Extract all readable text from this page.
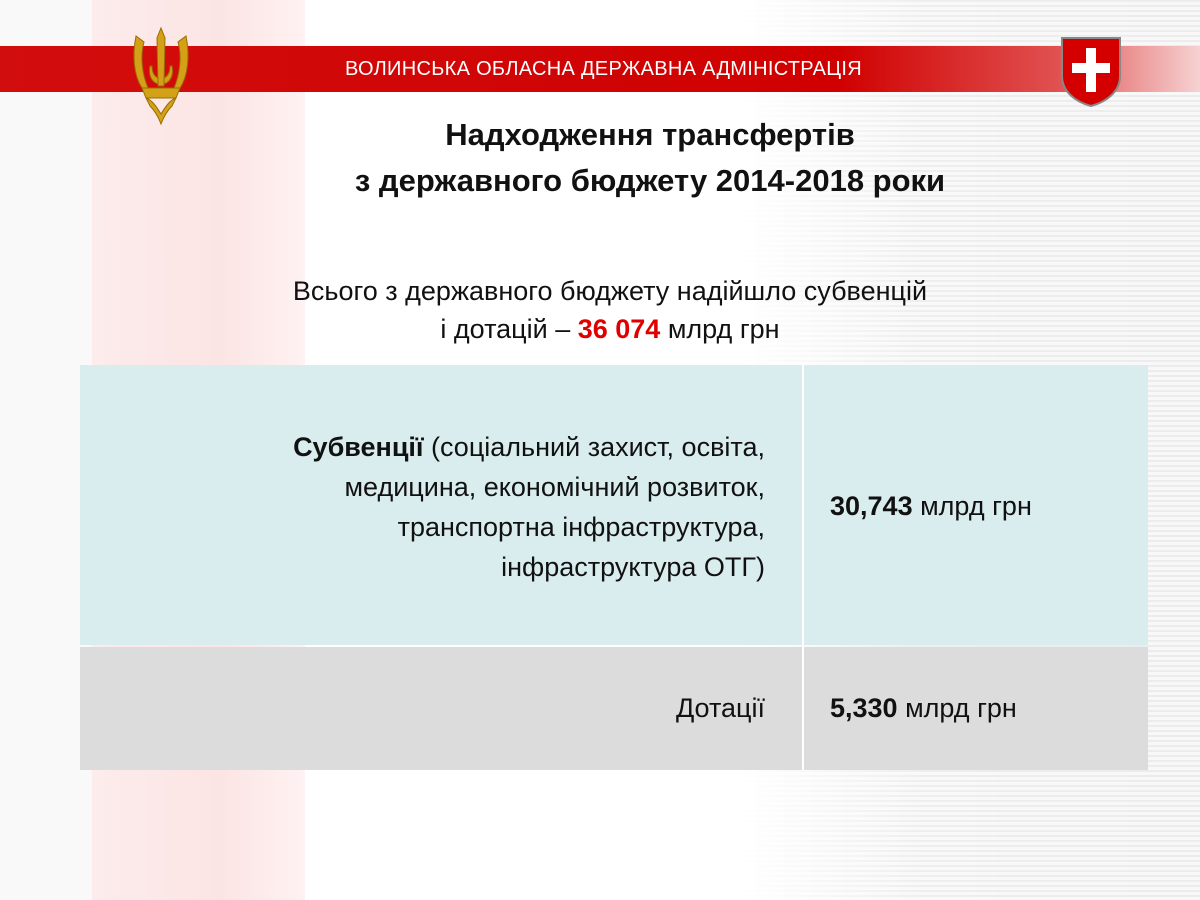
ВОЛИНСЬКА ОБЛАСНА ДЕРЖАВНА АДМІНІСТРАЦІЯ
Надходження трансфертів
з державного бюджету 2014-2018 роки
Всього з державного бюджету надійшло субвенцій
і дотацій – 36 074 млрд грн
Субвенції (соціальний захист, освіта,
медицина, економічний розвиток,
транспортна інфраструктура,
інфраструктура ОТГ)
30,743 млрд грн
Дотації 5,330 млрд грн
